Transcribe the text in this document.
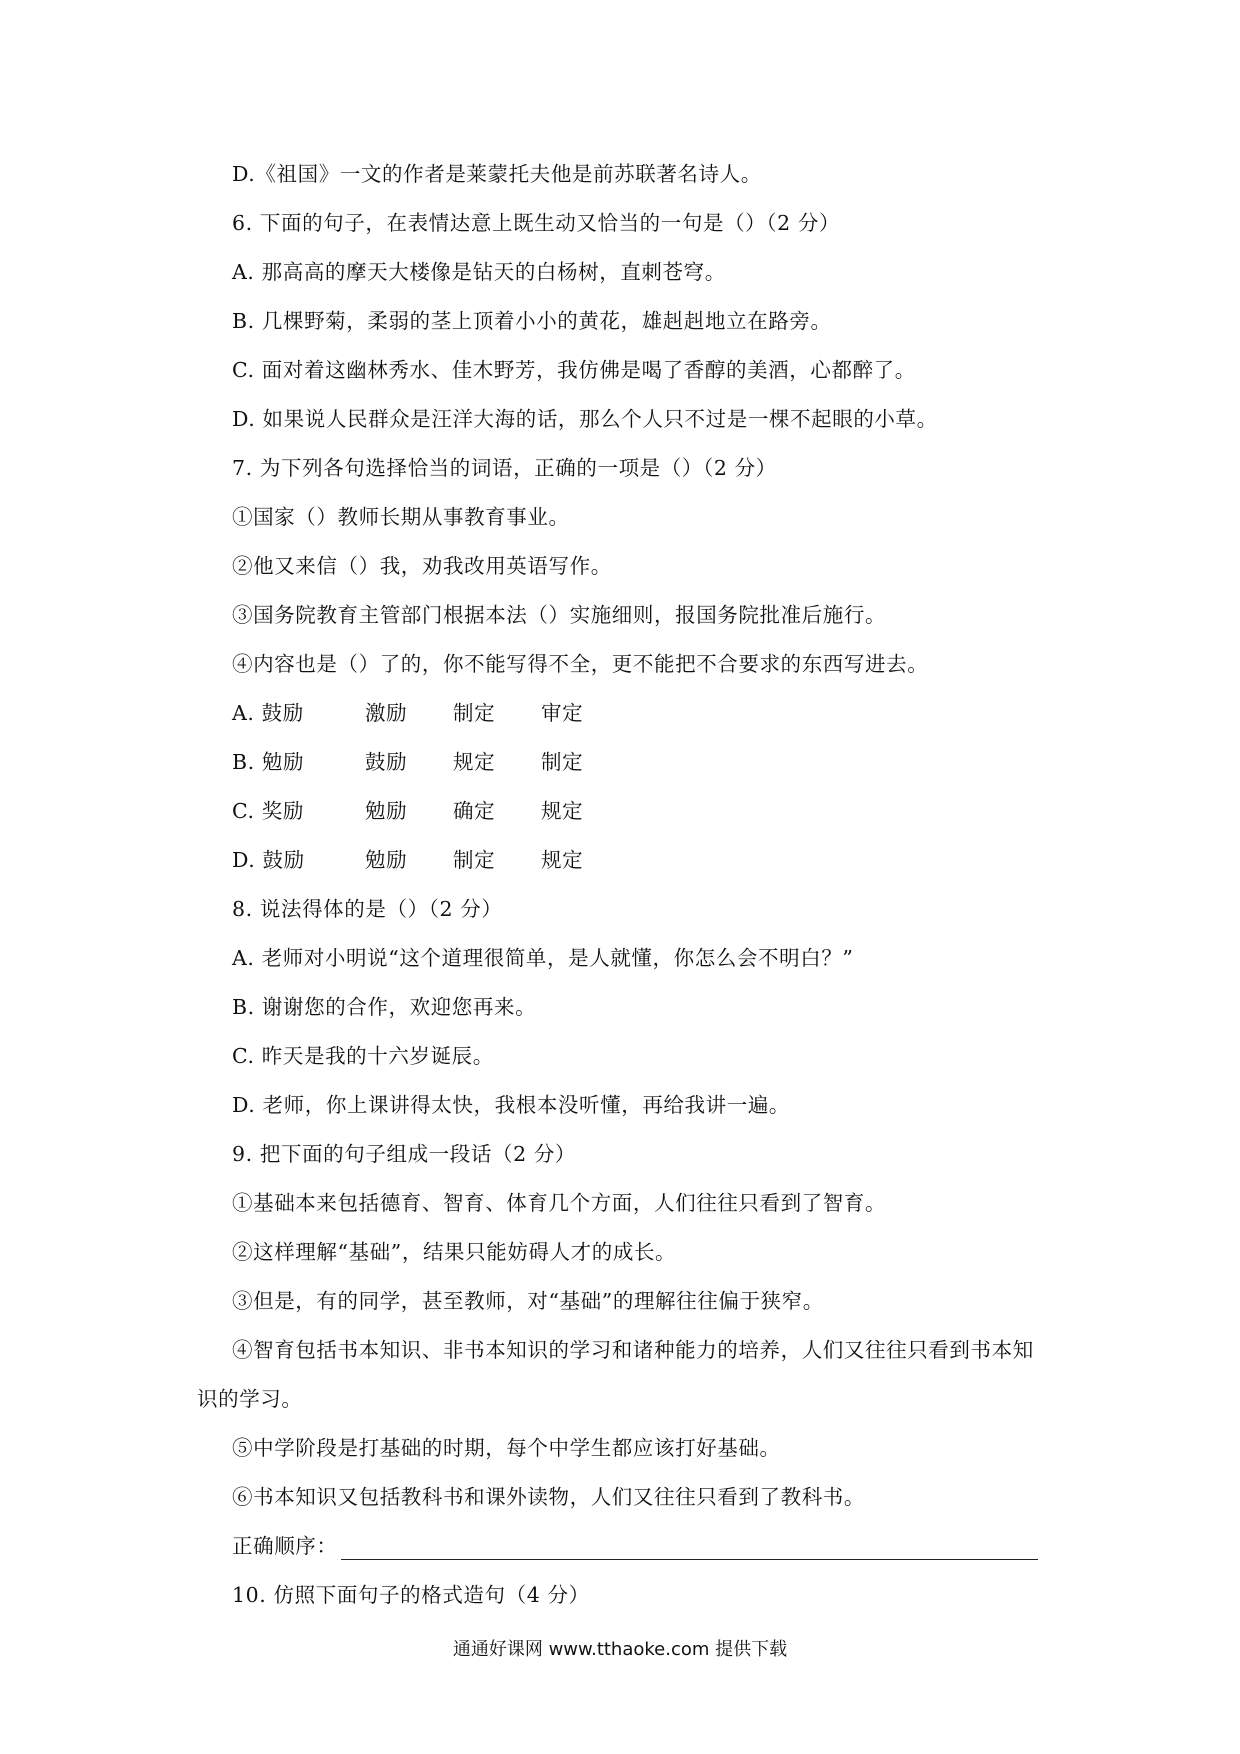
D.《祖国》一文的作者是莱蒙托夫他是前苏联著名诗人。
6. 下面的句子，在表情达意上既生动又恰当的一句是（）（2 分）
A. 那高高的摩天大楼像是钻天的白杨树，直刺苍穹。
B. 几棵野菊，柔弱的茎上顶着小小的黄花，雄赳赳地立在路旁。
C. 面对着这幽林秀水、佳木野芳，我仿佛是喝了香醇的美酒，心都醉了。
D. 如果说人民群众是汪洋大海的话，那么个人只不过是一棵不起眼的小草。
7. 为下列各句选择恰当的词语，正确的一项是（）（2 分）
①国家（）教师长期从事教育事业。
②他又来信（）我，劝我改用英语写作。
③国务院教育主管部门根据本法（）实施细则，报国务院批准后施行。
④内容也是（）了的，你不能写得不全，更不能把不合要求的东西写进去。
A. 鼓励	激励 制定 审定
B. 勉励	鼓励 规定 制定
C. 奖励	勉励 确定 规定
D. 鼓励	勉励 制定 规定
8. 说法得体的是（）（2 分）
A. 老师对小明说“这个道理很简单，是人就懂，你怎么会不明白？”
B. 谢谢您的合作，欢迎您再来。
C. 昨天是我的十六岁诞辰。
D. 老师，你上课讲得太快，我根本没听懂，再给我讲一遍。
9. 把下面的句子组成一段话（2 分）
①基础本来包括德育、智育、体育几个方面，人们往往只看到了智育。
②这样理解“基础”，结果只能妨碍人才的成长。
③但是，有的同学，甚至教师，对“基础”的理解往往偏于狭窄。
④智育包括书本知识、非书本知识的学习和诸种能力的培养，人们又往往只看到书本知
识的学习。
⑤中学阶段是打基础的时期，每个中学生都应该打好基础。
⑥书本知识又包括教科书和课外读物，人们又往往只看到了教科书。
正确顺序：
10. 仿照下面句子的格式造句（4 分）
通通好课网 www.tthaoke.com 提供下载
